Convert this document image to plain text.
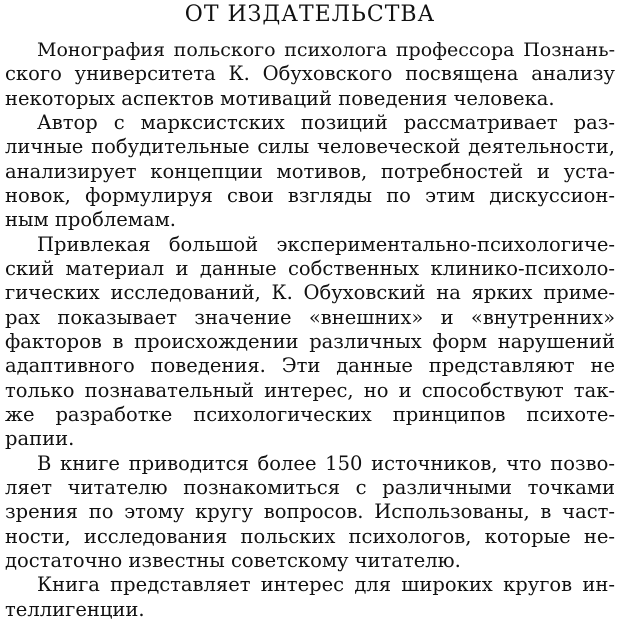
ОТ ИЗДАТЕЛЬСТВА
Монография польского психолога профессора Познань-
ского университета К. Обуховского посвящена анализу
некоторых аспектов мотиваций поведения человека.
Автор с марксистских позиций рассматривает раз-
личные побудительные силы человеческой деятельности,
анализирует концепции мотивов, потребностей и уста-
новок, формулируя свои взгляды по этим дискуссион-
ным проблемам.
Привлекая большой экспериментально-психологиче-
ский материал и данные собственных клинико-психоло-
гических исследований, К. Обуховский на ярких приме-
рах показывает значение «внешних» и «внутренних»
факторов в происхождении различных форм нарушений
адаптивного поведения. Эти данные представляют не
только познавательный интерес, но и способствуют так-
же разработке психологических принципов психоте-
рапии.
В книге приводится более 150 источников, что позво-
ляет читателю познакомиться с различными точками
зрения по этому кругу вопросов. Использованы, в част-
ности, исследования польских психологов, которые не-
достаточно известны советскому читателю.
Книга представляет интерес для широких кругов ин-
теллигенции.
